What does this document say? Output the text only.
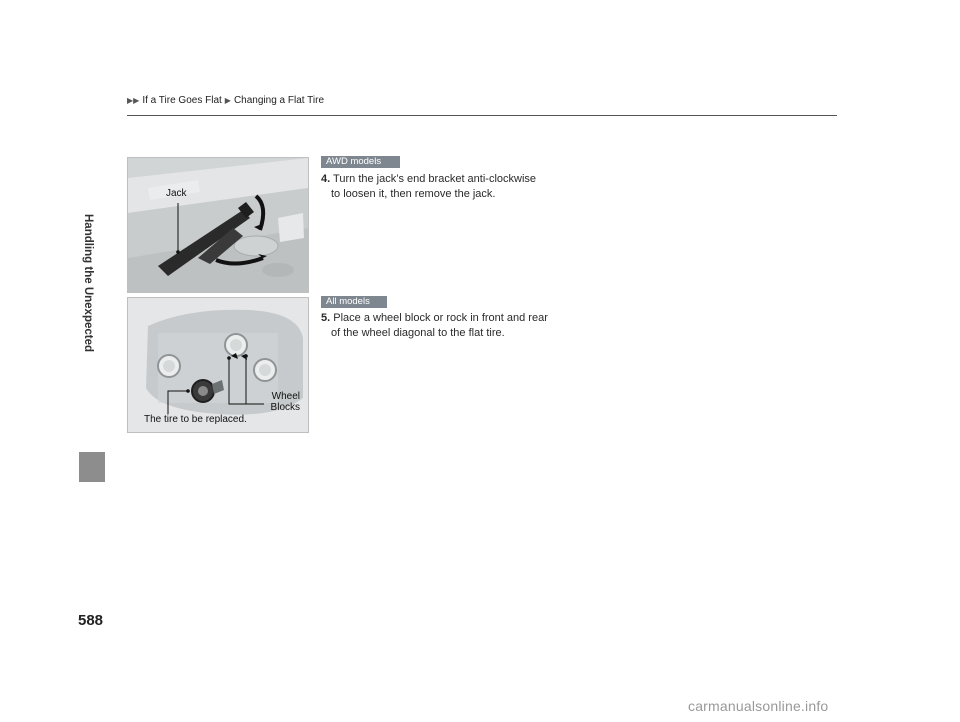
▶▶ If a Tire Goes Flat ▶ Changing a Flat Tire
Handling the Unexpected
Jack
Wheel Blocks
The tire to be replaced.
AWD models
4. Turn the jack’s end bracket anti-clockwise
to loosen it, then remove the jack.
All models
5. Place a wheel block or rock in front and rear
of the wheel diagonal to the flat tire.
588
carmanualsonline.info
